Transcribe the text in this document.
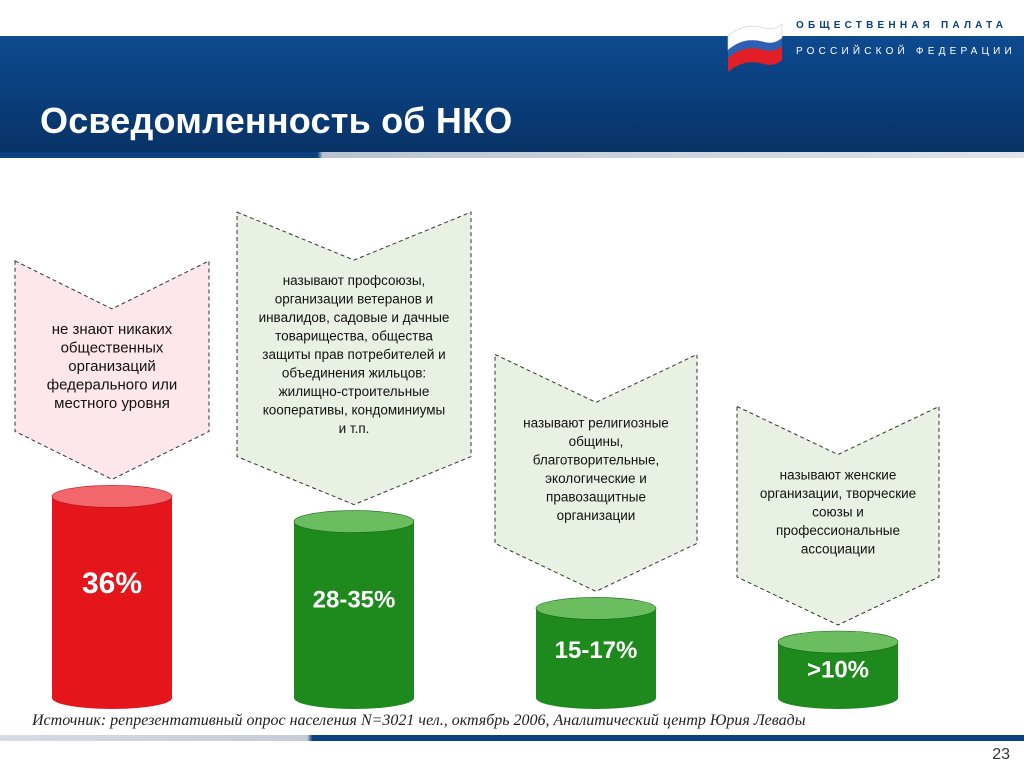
ОБЩЕСТВЕННАЯ ПАЛАТА
РОССИЙСКОЙ ФЕДЕРАЦИИ
Осведомленность об НКО
36%
не знают никаких
общественных
организаций
федерального или
местного уровня
28-35%
называют профсоюзы,
организации ветеранов и
инвалидов, садовые и дачные
товарищества, общества
защиты прав потребителей и
объединения жильцов:
жилищно-строительные
кооперативы, кондоминиумы
и т.п.
15-17%
называют религиозные
общины,
благотворительные,
экологические и
правозащитные
организации
>10%
называют женские
организации, творческие
союзы и
профессиональные
ассоциации

Источник: репрезентативный опрос населения N=3021 чел., октябрь 2006, Аналитический центр Юрия Левады

23
